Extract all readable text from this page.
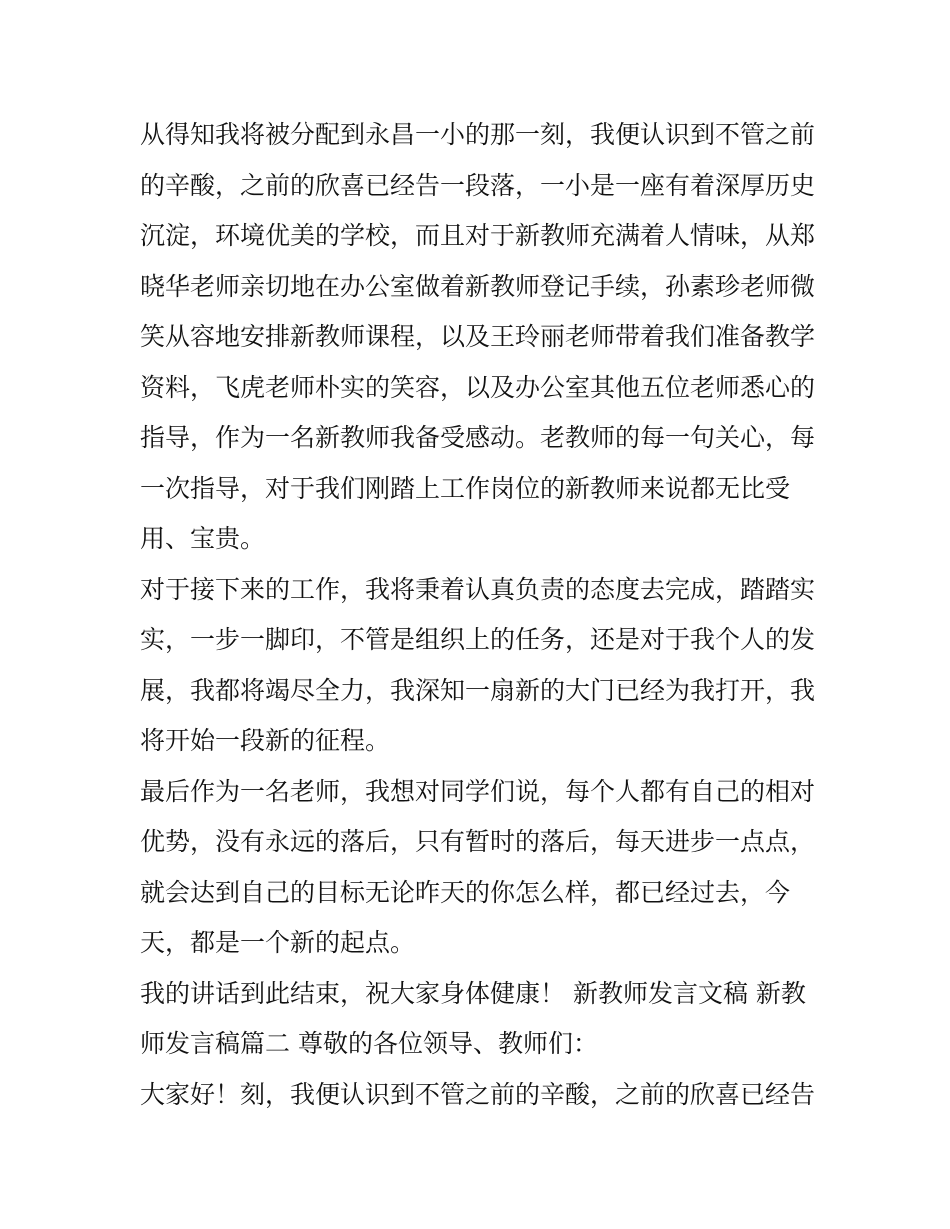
从得知我将被分配到永昌一小的那一刻，我便认识到不管之前
的辛酸，之前的欣喜已经告一段落，一小是一座有着深厚历史
沉淀，环境优美的学校，而且对于新教师充满着人情味，从郑
晓华老师亲切地在办公室做着新教师登记手续，孙素珍老师微
笑从容地安排新教师课程，以及王玲丽老师带着我们准备教学
资料，飞虎老师朴实的笑容，以及办公室其他五位老师悉心的
指导，作为一名新教师我备受感动。老教师的每一句关心，每
一次指导，对于我们刚踏上工作岗位的新教师来说都无比受
用、宝贵。
对于接下来的工作，我将秉着认真负责的态度去完成，踏踏实
实，一步一脚印，不管是组织上的任务，还是对于我个人的发
展，我都将竭尽全力，我深知一扇新的大门已经为我打开，我
将开始一段新的征程。
最后作为一名老师，我想对同学们说，每个人都有自己的相对
优势，没有永远的落后，只有暂时的落后，每天进步一点点，
就会达到自己的目标无论昨天的你怎么样，都已经过去，今
天，都是一个新的起点。
我的讲话到此结束，祝大家身体健康！ 新教师发言文稿 新教
师发言稿篇二 尊敬的各位领导、教师们：
大家好！刻，我便认识到不管之前的辛酸，之前的欣喜已经告
